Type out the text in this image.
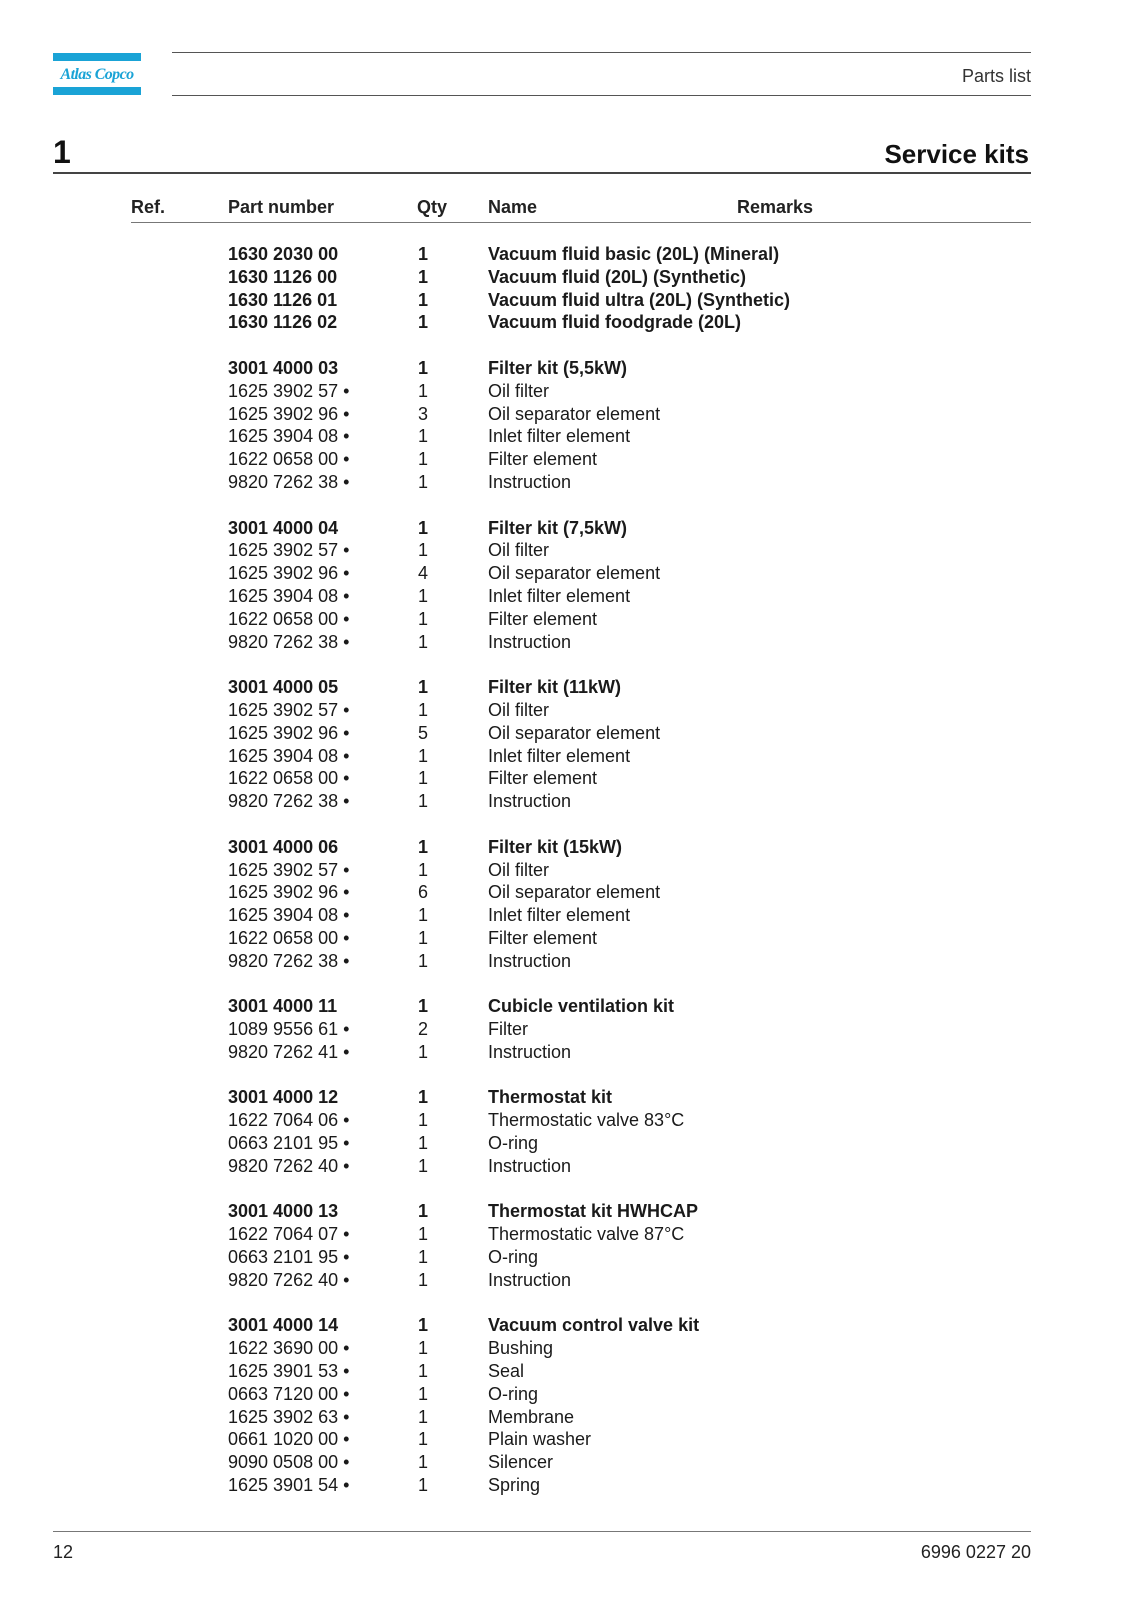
Atlas Copco	Parts list
1	Service kits
Ref.	Part number	Qty Name	Remarks
1630 2030 00	1	Vacuum fluid basic (20L) (Mineral)
1630 1126 00	1	Vacuum fluid (20L) (Synthetic)
1630 1126 01	1	Vacuum fluid ultra (20L) (Synthetic)
1630 1126 02	1	Vacuum fluid foodgrade (20L)
3001 4000 03	1	Filter kit (5,5kW)
1625 3902 57 •	1	Oil filter
1625 3902 96 •	3	Oil separator element
1625 3904 08 •	1	Inlet filter element
1622 0658 00 •	1	Filter element
9820 7262 38 •	1	Instruction
3001 4000 04	1	Filter kit (7,5kW)
1625 3902 57 •	1	Oil filter
1625 3902 96 •	4	Oil separator element
1625 3904 08 •	1	Inlet filter element
1622 0658 00 •	1	Filter element
9820 7262 38 •	1	Instruction
3001 4000 05	1	Filter kit (11kW)
1625 3902 57 •	1	Oil filter
1625 3902 96 •	5	Oil separator element
1625 3904 08 •	1	Inlet filter element
1622 0658 00 •	1	Filter element
9820 7262 38 •	1	Instruction
3001 4000 06	1	Filter kit (15kW)
1625 3902 57 •	1	Oil filter
1625 3902 96 •	6	Oil separator element
1625 3904 08 •	1	Inlet filter element
1622 0658 00 •	1	Filter element
9820 7262 38 •	1	Instruction
3001 4000 11	1	Cubicle ventilation kit
1089 9556 61 •	2	Filter
9820 7262 41 •	1	Instruction
3001 4000 12	1	Thermostat kit
1622 7064 06 •	1	Thermostatic valve 83°C
0663 2101 95 •	1	O-ring
9820 7262 40 •	1	Instruction
3001 4000 13	1	Thermostat kit HWHCAP
1622 7064 07 •	1	Thermostatic valve 87°C
0663 2101 95 •	1	O-ring
9820 7262 40 •	1	Instruction
3001 4000 14	1	Vacuum control valve kit
1622 3690 00 •	1	Bushing
1625 3901 53 •	1	Seal
0663 7120 00 •	1	O-ring
1625 3902 63 •	1	Membrane
0661 1020 00 •	1	Plain washer
9090 0508 00 •	1	Silencer
1625 3901 54 •	1	Spring
12	6996 0227 20
